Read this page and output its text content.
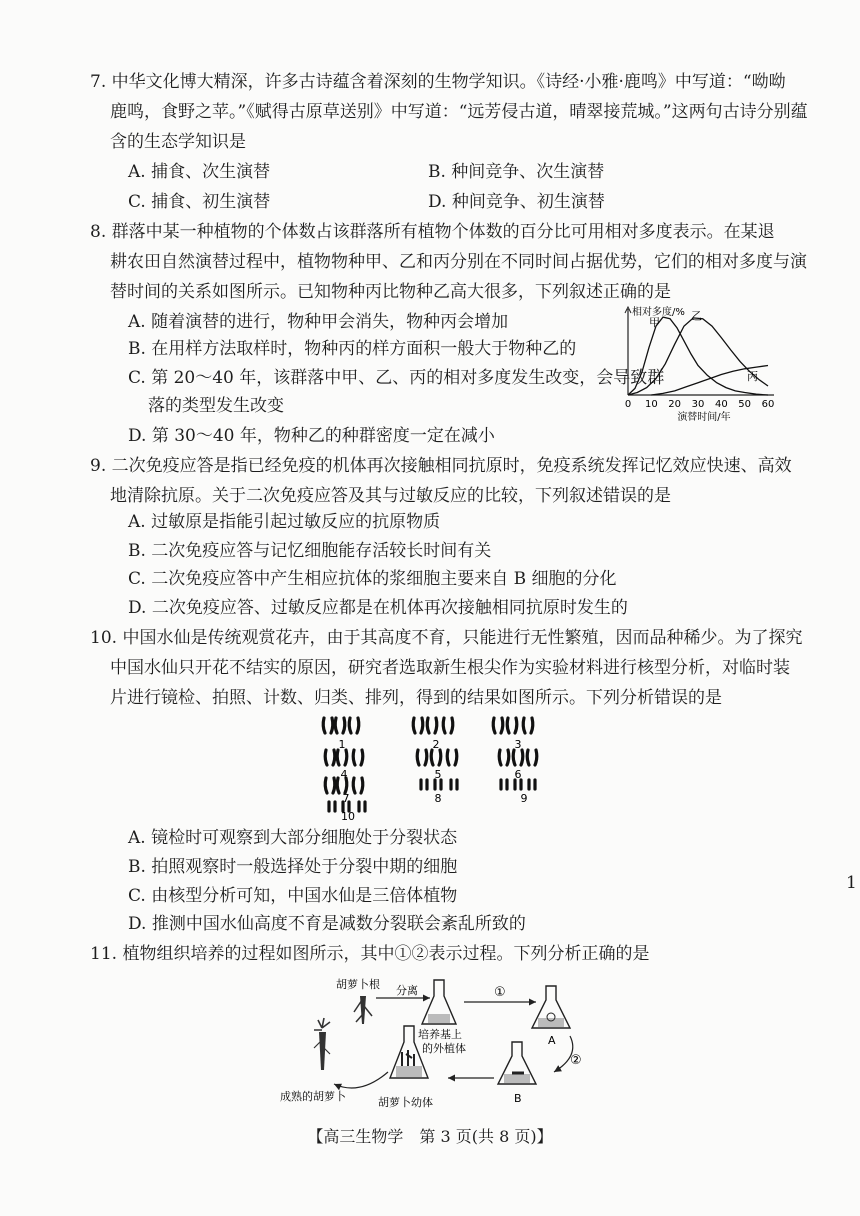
7. 中华文化博大精深，许多古诗蕴含着深刻的生物学知识。《诗经·小雅·鹿鸣》中写道：“呦呦
鹿鸣，食野之苹。”《赋得古原草送别》中写道：“远芳侵古道，晴翠接荒城。”这两句古诗分别蕴
含的生态学知识是
A. 捕食、次生演替	B. 种间竞争、次生演替
C. 捕食、初生演替	D. 种间竞争、初生演替
8. 群落中某一种植物的个体数占该群落所有植物个体数的百分比可用相对多度表示。在某退
耕农田自然演替过程中，植物物种甲、乙和丙分别在不同时间占据优势，它们的相对多度与演
替时间的关系如图所示。已知物种丙比物种乙高大很多，下列叙述正确的是
A. 随着演替的进行，物种甲会消失，物种丙会增加
B. 在用样方法取样时，物种丙的样方面积一般大于物种乙的
C. 第 20～40 年，该群落中甲、乙、丙的相对多度发生改变，会导致群
落的类型发生改变
D. 第 30～40 年，物种乙的种群密度一定在减小
相对多度/%
0 10 20 30 40 50 60
演替时间/年
甲
乙
丙
9. 二次免疫应答是指已经免疫的机体再次接触相同抗原时，免疫系统发挥记忆效应快速、高效
地清除抗原。关于二次免疫应答及其与过敏反应的比较，下列叙述错误的是
A. 过敏原是指能引起过敏反应的抗原物质
B. 二次免疫应答与记忆细胞能存活较长时间有关
C. 二次免疫应答中产生相应抗体的浆细胞主要来自 B 细胞的分化
D. 二次免疫应答、过敏反应都是在机体再次接触相同抗原时发生的
10. 中国水仙是传统观赏花卉，由于其高度不育，只能进行无性繁殖，因而品种稀少。为了探究
中国水仙只开花不结实的原因，研究者选取新生根尖作为实验材料进行核型分析，对临时装
片进行镜检、拍照、计数、归类、排列，得到的结果如图所示。下列分析错误的是
1	2	3
4	5	6
7	8	9
10
A. 镜检时可观察到大部分细胞处于分裂状态
B. 拍照观察时一般选择处于分裂中期的细胞
C. 由核型分析可知，中国水仙是三倍体植物
D. 推测中国水仙高度不育是减数分裂联会紊乱所致的
11. 植物组织培养的过程如图所示，其中①②表示过程。下列分析正确的是
胡萝卜根 分离
培养基上
的外植体
①
A
②
B
胡萝卜幼体
成熟的胡萝卜
1
【高三生物学　第 3 页(共 8 页)】
